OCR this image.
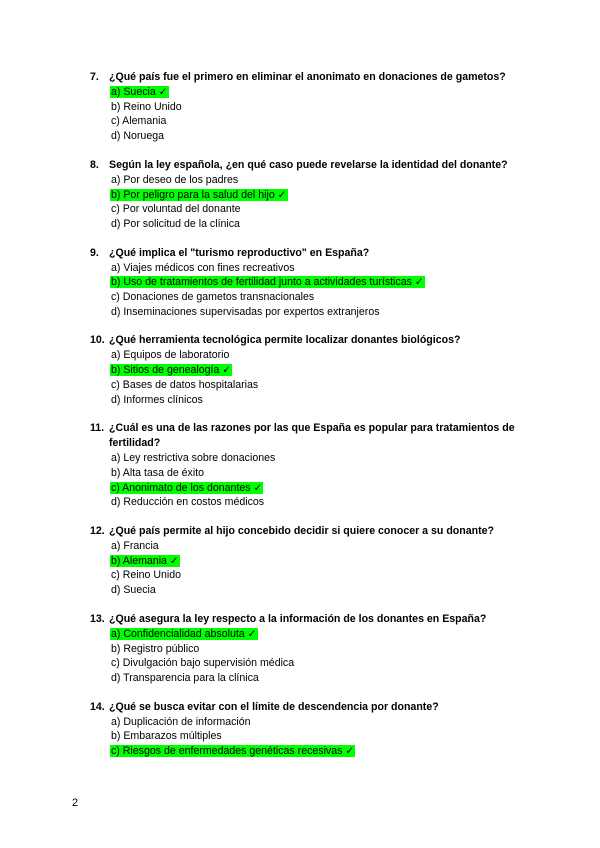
7. ¿Qué país fue el primero en eliminar el anonimato en donaciones de gametos?
a) Suecia ✓
b) Reino Unido
c) Alemania
d) Noruega
8. Según la ley española, ¿en qué caso puede revelarse la identidad del donante?
a) Por deseo de los padres
b) Por peligro para la salud del hijo ✓
c) Por voluntad del donante
d) Por solicitud de la clínica
9. ¿Qué implica el "turismo reproductivo" en España?
a) Viajes médicos con fines recreativos
b) Uso de tratamientos de fertilidad junto a actividades turísticas ✓
c) Donaciones de gametos transnacionales
d) Inseminaciones supervisadas por expertos extranjeros
10. ¿Qué herramienta tecnológica permite localizar donantes biológicos?
a) Equipos de laboratorio
b) Sitios de genealogía ✓
c) Bases de datos hospitalarias
d) Informes clínicos
11. ¿Cuál es una de las razones por las que España es popular para tratamientos de fertilidad?
a) Ley restrictiva sobre donaciones
b) Alta tasa de éxito
c) Anonimato de los donantes ✓
d) Reducción en costos médicos
12. ¿Qué país permite al hijo concebido decidir si quiere conocer a su donante?
a) Francia
b) Alemania ✓
c) Reino Unido
d) Suecia
13. ¿Qué asegura la ley respecto a la información de los donantes en España?
a) Confidencialidad absoluta ✓
b) Registro público
c) Divulgación bajo supervisión médica
d) Transparencia para la clínica
14. ¿Qué se busca evitar con el límite de descendencia por donante?
a) Duplicación de información
b) Embarazos múltiples
c) Riesgos de enfermedades genéticas recesivas ✓
2
